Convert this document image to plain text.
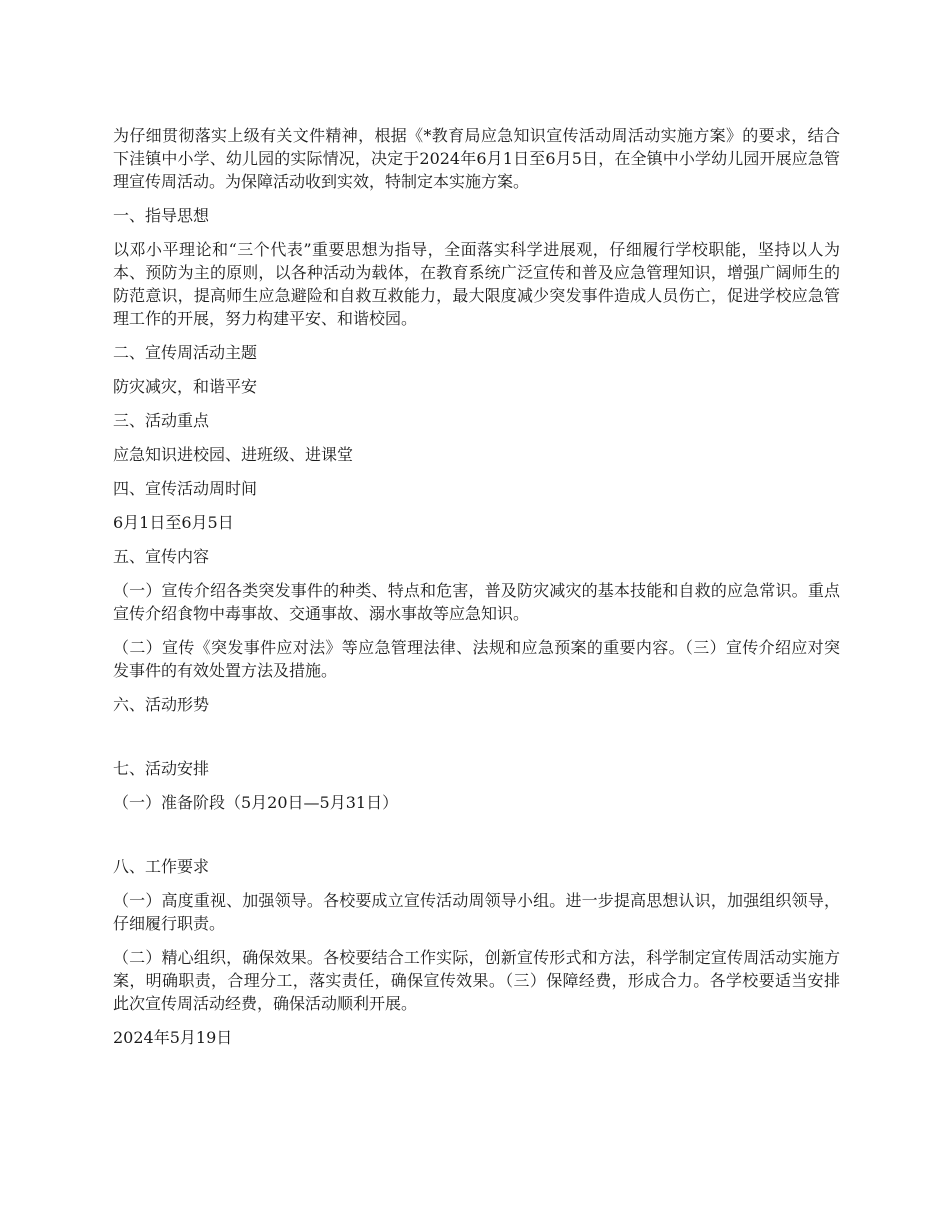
为仔细贯彻落实上级有关文件精神，根据《*教育局应急知识宣传活动周活动实施方案》的要求，结合下洼镇中小学、幼儿园的实际情况，决定于2024年6月1日至6月5日，在全镇中小学幼儿园开展应急管理宣传周活动。为保障活动收到实效，特制定本实施方案。

一、指导思想

以邓小平理论和“三个代表”重要思想为指导，全面落实科学进展观，仔细履行学校职能，坚持以人为本、预防为主的原则，以各种活动为载体，在教育系统广泛宣传和普及应急管理知识，增强广阔师生的防范意识，提高师生应急避险和自救互救能力，最大限度减少突发事件造成人员伤亡，促进学校应急管理工作的开展，努力构建平安、和谐校园。

二、宣传周活动主题

防灾减灾，和谐平安

三、活动重点

应急知识进校园、进班级、进课堂

四、宣传活动周时间

6月1日至6月5日

五、宣传内容

（一）宣传介绍各类突发事件的种类、特点和危害，普及防灾减灾的基本技能和自救的应急常识。重点宣传介绍食物中毒事故、交通事故、溺水事故等应急知识。

（二）宣传《突发事件应对法》等应急管理法律、法规和应急预案的重要内容。（三）宣传介绍应对突发事件的有效处置方法及措施。

六、活动形势

七、活动安排

（一）准备阶段（5月20日—5月31日）

八、工作要求

（一）高度重视、加强领导。各校要成立宣传活动周领导小组。进一步提高思想认识，加强组织领导，仔细履行职责。

（二）精心组织，确保效果。各校要结合工作实际，创新宣传形式和方法，科学制定宣传周活动实施方案，明确职责，合理分工，落实责任，确保宣传效果。（三）保障经费，形成合力。各学校要适当安排此次宣传周活动经费，确保活动顺利开展。

2024年5月19日
